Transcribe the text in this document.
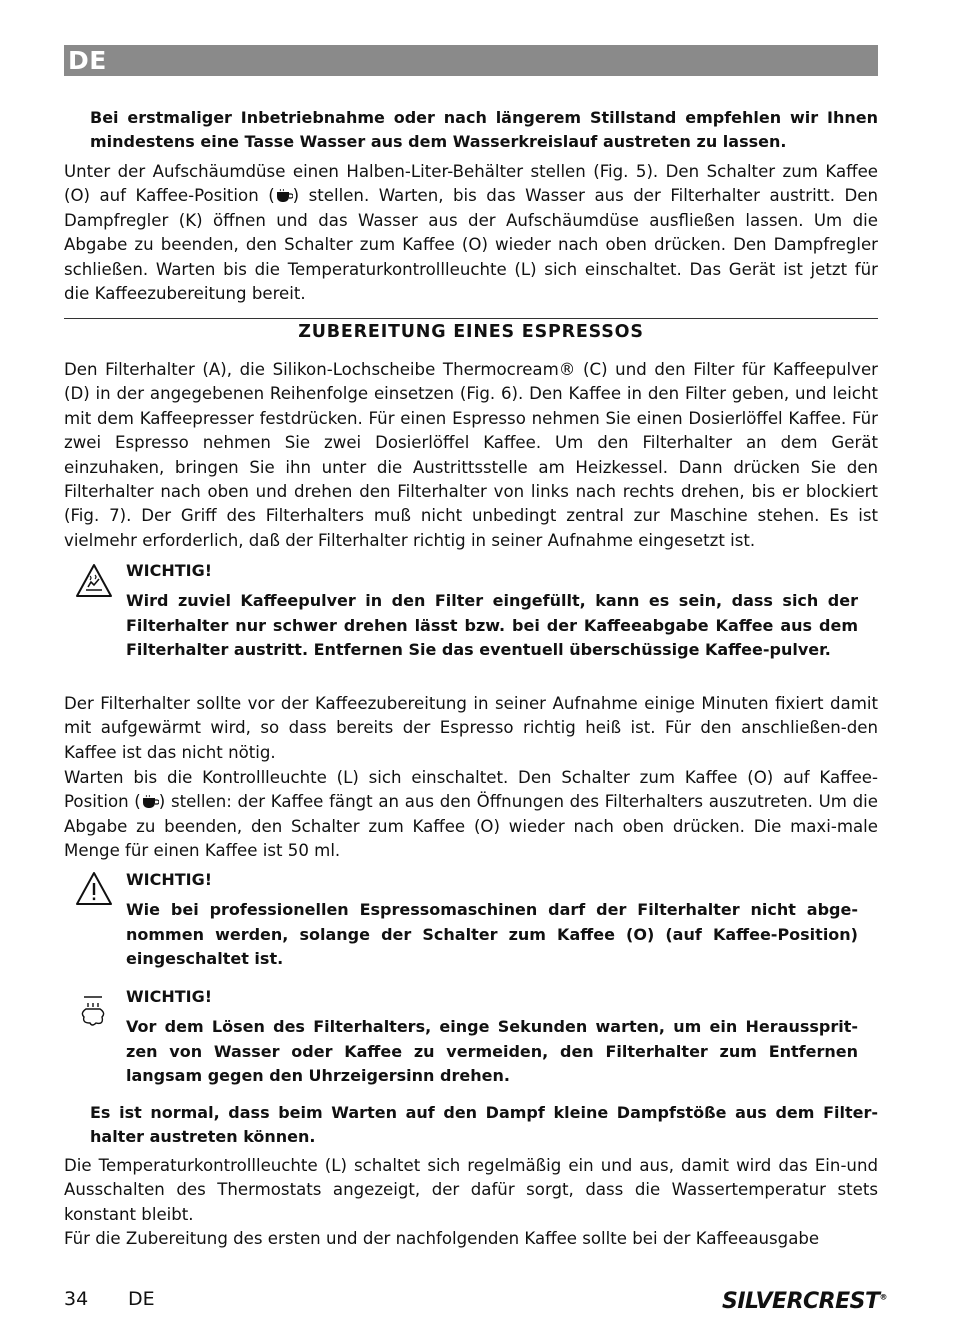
DE

Bei erstmaliger Inbetriebnahme oder nach längerem Stillstand empfehlen wir Ihnen mindestens eine Tasse Wasser aus dem Wasserkreislauf austreten zu lassen.

Unter der Aufschäumdüse einen Halben-Liter-Behälter stellen (Fig. 5). Den Schalter zum Kaffee (O) auf Kaffee-Position ( ) stellen. Warten, bis das Wasser aus der Filterhalter austritt. Den Dampfregler (K) öffnen und das Wasser aus der Aufschäumdüse ausfließen lassen. Um die Abgabe zu beenden, den Schalter zum Kaffee (O) wieder nach oben drücken. Den Dampfregler schließen. Warten bis die Temperaturkontrollleuchte (L) sich einschaltet. Das Gerät ist jetzt für die Kaffeezubereitung bereit.

ZUBEREITUNG EINES ESPRESSOS

Den Filterhalter (A), die Silikon-Lochscheibe Thermocream® (C) und den Filter für Kaffeepulver (D) in der angegebenen Reihenfolge einsetzen (Fig. 6). Den Kaffee in den Filter geben, und leicht mit dem Kaffeepresser festdrücken. Für einen Espresso nehmen Sie einen Dosierlöffel Kaffee. Für zwei Espresso nehmen Sie zwei Dosierlöffel Kaffee. Um den Filterhalter an dem Gerät einzuhaken, bringen Sie ihn unter die Austrittsstelle am Heizkessel. Dann drücken Sie den Filterhalter nach oben und drehen den Filterhalter von links nach rechts drehen, bis er blockiert (Fig. 7). Der Griff des Filterhalters muß nicht unbedingt zentral zur Maschine stehen. Es ist vielmehr erforderlich, daß der Filterhalter richtig in seiner Aufnahme eingesetzt ist.

WICHTIG!

Wird zuviel Kaffeepulver in den Filter eingefüllt, kann es sein, dass sich der Filterhalter nur schwer drehen lässt bzw. bei der Kaffeeabgabe Kaffee aus dem Filterhalter austritt. Entfernen Sie das eventuell überschüssige Kaffee-pulver.

Der Filterhalter sollte vor der Kaffeezubereitung in seiner Aufnahme einige Minuten fixiert damit mit aufgewärmt wird, so dass bereits der Espresso richtig heiß ist. Für den anschließen-den Kaffee ist das nicht nötig.

Warten bis die Kontrollleuchte (L) sich einschaltet. Den Schalter zum Kaffee (O) auf Kaffee-Position ( ) stellen: der Kaffee fängt an aus den Öffnungen des Filterhalters auszutreten. Um die Abgabe zu beenden, den Schalter zum Kaffee (O) wieder nach oben drücken. Die maxi-male Menge für einen Kaffee ist 50 ml.

WICHTIG!

Wie bei professionellen Espressomaschinen darf der Filterhalter nicht abge-nommen werden, solange der Schalter zum Kaffee (O) (auf Kaffee-Position) eingeschaltet ist.

WICHTIG!

Vor dem Lösen des Filterhalters, einge Sekunden warten, um ein Heraussprit-zen von Wasser oder Kaffee zu vermeiden, den Filterhalter zum Entfernen langsam gegen den Uhrzeigersinn drehen.

Es ist normal, dass beim Warten auf den Dampf kleine Dampfstöße aus dem Filter-halter austreten können.

Die Temperaturkontrollleuchte (L) schaltet sich regelmäßig ein und aus, damit wird das Ein-und Ausschalten des Thermostats angezeigt, der dafür sorgt, dass die Wassertemperatur stets konstant bleibt.

Für die Zubereitung des ersten und der nachfolgenden Kaffee sollte bei der Kaffeeausgabe

34 DE	SILVERCREST®
